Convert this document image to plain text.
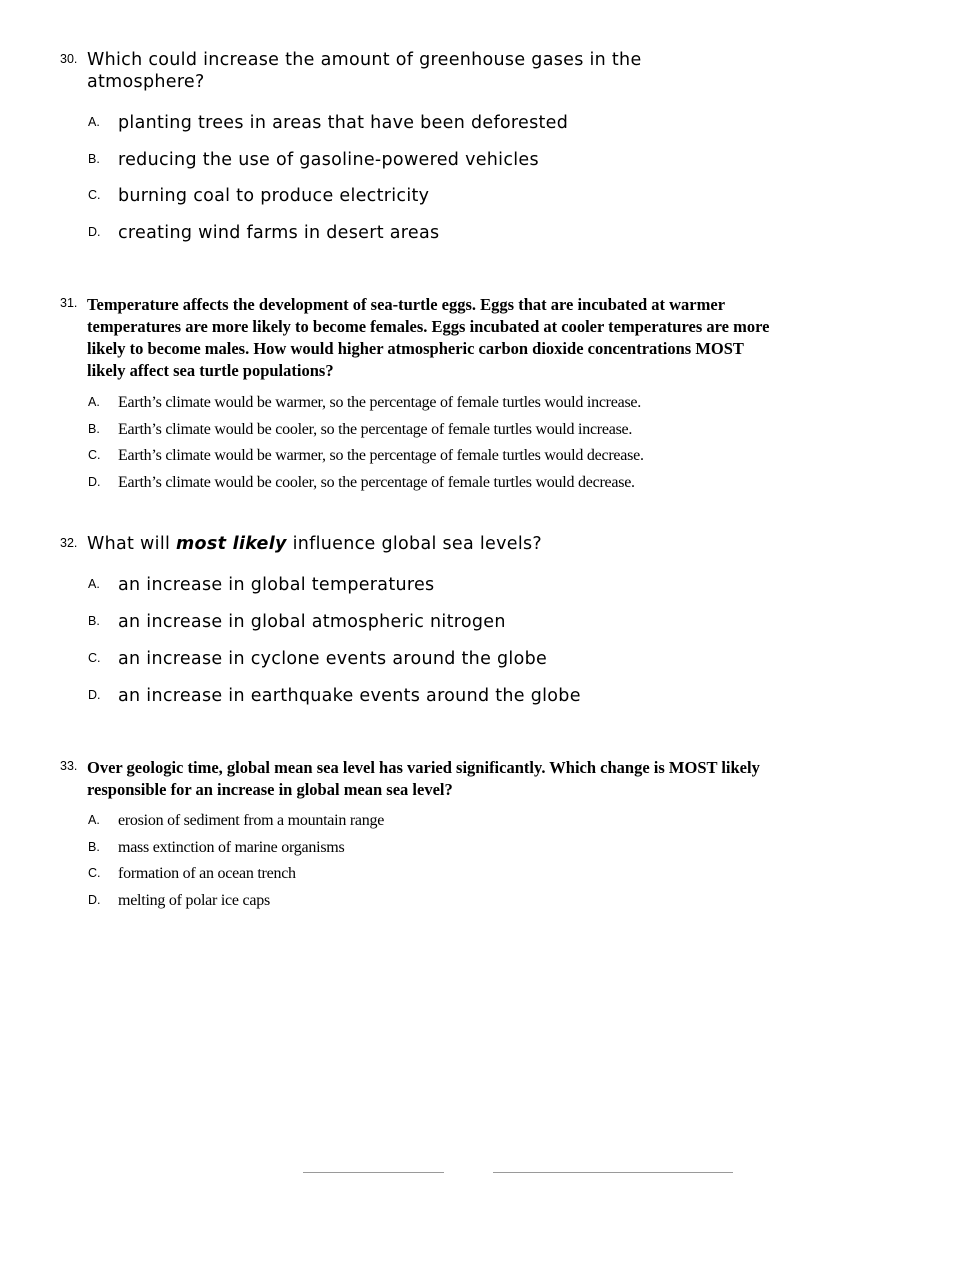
30. Which could increase the amount of greenhouse gases in the atmosphere?
A. planting trees in areas that have been deforested
B. reducing the use of gasoline-powered vehicles
C. burning coal to produce electricity
D. creating wind farms in desert areas
31. Temperature affects the development of sea-turtle eggs. Eggs that are incubated at warmer temperatures are more likely to become females. Eggs incubated at cooler temperatures are more likely to become males. How would higher atmospheric carbon dioxide concentrations MOST likely affect sea turtle populations?
A. Earth’s climate would be warmer, so the percentage of female turtles would increase.
B. Earth’s climate would be cooler, so the percentage of female turtles would increase.
C. Earth’s climate would be warmer, so the percentage of female turtles would decrease.
D. Earth’s climate would be cooler, so the percentage of female turtles would decrease.
32. What will most likely influence global sea levels?
A. an increase in global temperatures
B. an increase in global atmospheric nitrogen
C. an increase in cyclone events around the globe
D. an increase in earthquake events around the globe
33. Over geologic time, global mean sea level has varied significantly. Which change is MOST likely responsible for an increase in global mean sea level?
A. erosion of sediment from a mountain range
B. mass extinction of marine organisms
C. formation of an ocean trench
D. melting of polar ice caps
